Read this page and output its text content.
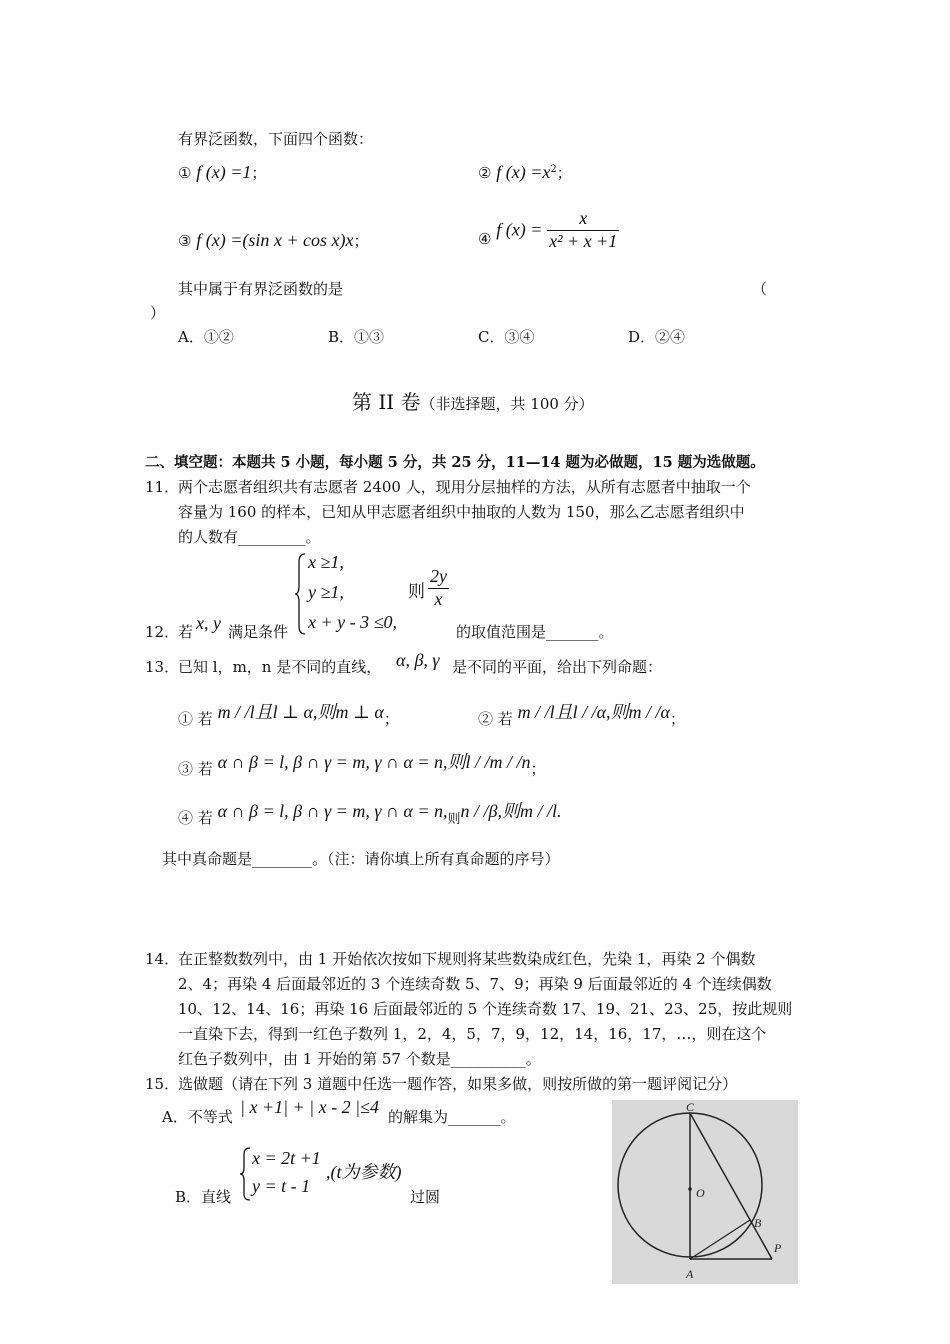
有界泛函数，下面四个函数：
① f (x) =1；	② f $(x) =x^2$；
③ f (x) =(sin x + cos x)x；	④ f $(x) = \frac{x}{\text{x² + x +1}}$
其中属于有界泛函数的是	（
）
A．①②	B．①③	C．③④	D．②④
第 II 卷（非选择题，共 100 分）
二、填空题：本题共 5 小题，每小题 5 分，共 25 分，11—14 题为必做题，15 题为选做题。
11．
两个志愿者组织共有志愿者 2400 人，现用分层抽样的方法，从所有志愿者中抽取一个
容量为 160 的样本，已知从甲志愿者组织中抽取的人数为 150，那么乙志愿者组织中
的人数有_________。
12．
若 x, y 满足条件
x ≥1,
y ≥1,
x + y - 3 ≤0,
则 $\frac{2y}{x}$
的取值范围是_______。
13．
已知 l，m，n 是不同的直线， α, β, γ 是不同的平面，给出下列命题：
① 若 m / /l且l ⊥ α,则m ⊥ α；	② 若 m / /l且l / /α,则m / /α；
③ 若 α ∩ β = l, β ∩ γ = m, γ ∩ α = n,则l / /m / /n；
④ 若 α ∩ β = l, β ∩ γ = m, γ ∩ α = n,则n / /β,则m / /l.
其中真命题是________。（注：请你填上所有真命题的序号）
14．
在正整数数列中，由 1 开始依次按如下规则将某些数染成红色，先染 1，再染 2 个偶数
2、4；再染 4 后面最邻近的 3 个连续奇数 5、7、9；再染 9 后面最邻近的 4 个连续偶数
10、12、14、16；再染 16 后面最邻近的 5 个连续奇数 17、19、21、23、25，按此规则
一直染下去，得到一红色子数列 1，2，4，5，7，9，12，14，16，17，…，则在这个
红色子数列中，由 1 开始的第 57 个数是__________。
15．
选做题（请在下列 3 道题中任选一题作答，如果多做，则按所做的第一题评阅记分）
A．不等式 | x +1| + | x - 2 |≤4 的解集为_______。
B．直线
x = 2t +1
y = t - 1
,(t为参数)
过圆
C
O
B
A
P
